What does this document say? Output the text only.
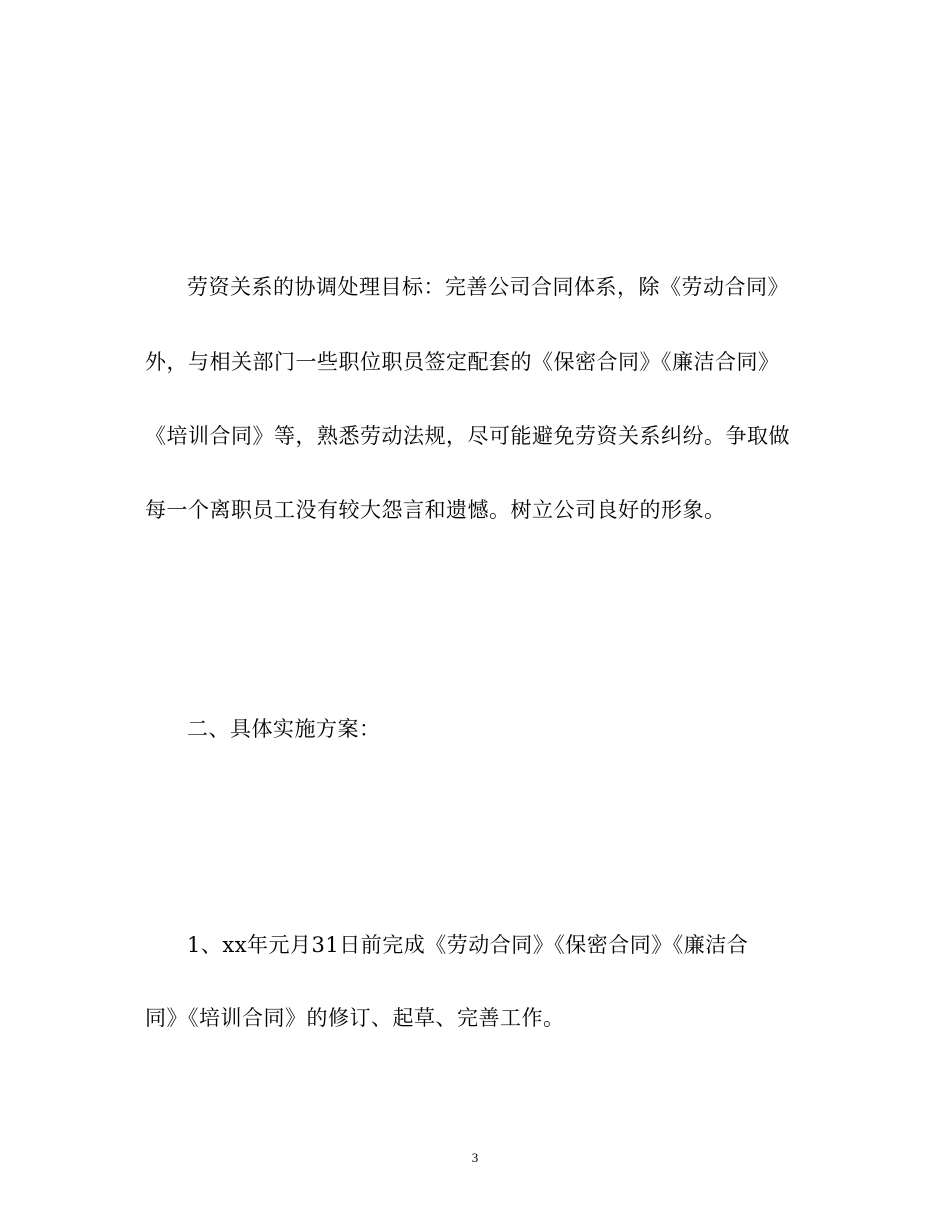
劳资关系的协调处理目标：完善公司合同体系，除《劳动合同》
外，与相关部门一些职位职员签定配套的《保密合同》《廉洁合同》
《培训合同》等，熟悉劳动法规，尽可能避免劳资关系纠纷。争取做
每一个离职员工没有较大怨言和遗憾。树立公司良好的形象。
二、具体实施方案：
1、xx年元月31日前完成《劳动合同》《保密合同》《廉洁合
同》《培训合同》的修订、起草、完善工作。
3
